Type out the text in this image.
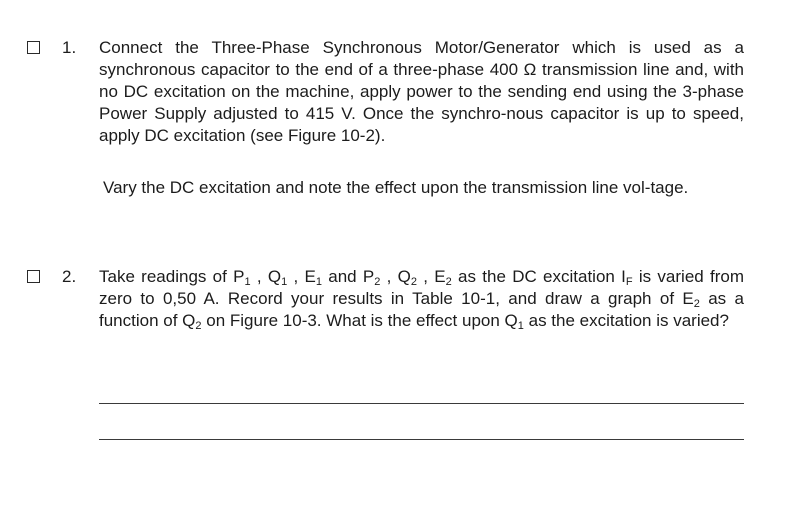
1. Connect the Three-Phase Synchronous Motor/Generator which is used as a synchronous capacitor to the end of a three-phase 400 Ω transmission line and, with no DC excitation on the machine, apply power to the sending end using the 3-phase Power Supply adjusted to 415 V. Once the synchro-nous capacitor is up to speed, apply DC excitation (see Figure 10-2).
Vary the DC excitation and note the effect upon the transmission line vol-tage.
2. Take readings of $P_1$ , $Q_1$ , $E_1$ and $P_2$ , $Q_2$ , $E_2$ as the DC excitation $I_F$ is varied from zero to 0,50 A. Record your results in Table 10-1, and draw a graph of $E_2$ as a function of $Q_2$ on Figure 10-3. What is the effect upon $Q_1$ as the excitation is varied?
